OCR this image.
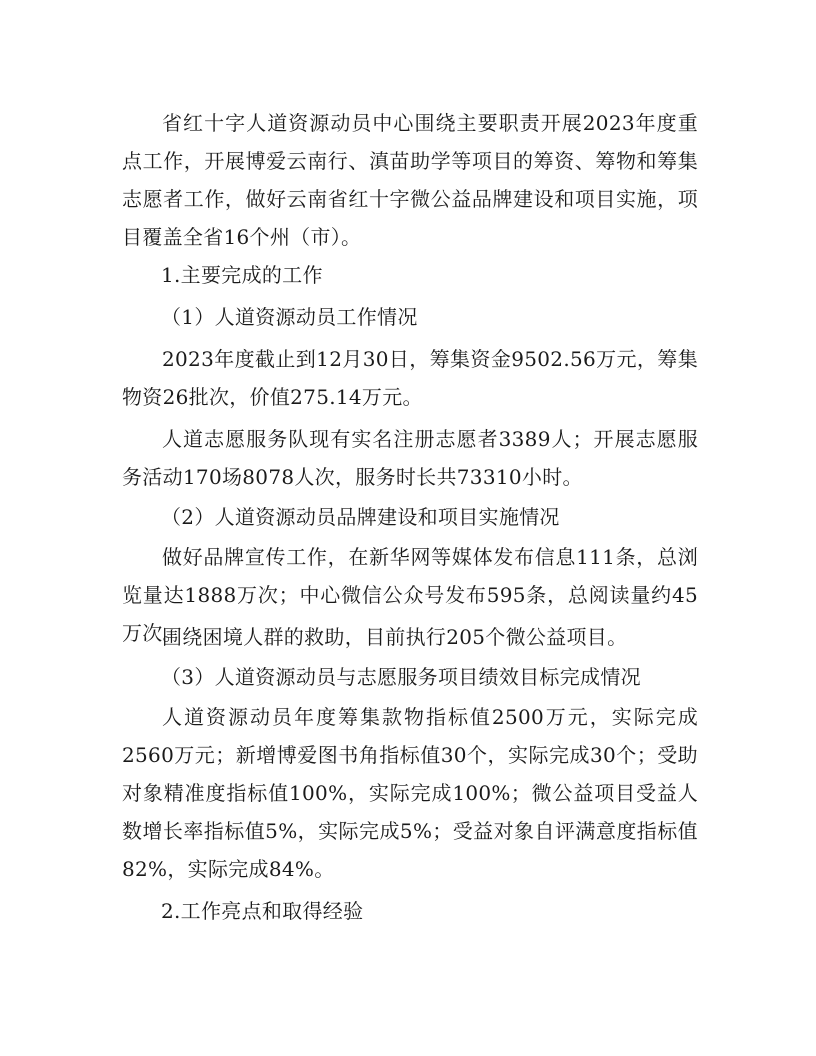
省红十字人道资源动员中心围绕主要职责开展2023年度重点工作，开展博爱云南行、滇苗助学等项目的筹资、筹物和筹集志愿者工作，做好云南省红十字微公益品牌建设和项目实施，项目覆盖全省16个州（市）。

1.主要完成的工作

（1）人道资源动员工作情况

2023年度截止到12月30日，筹集资金9502.56万元，筹集物资26批次，价值275.14万元。

人道志愿服务队现有实名注册志愿者3389人；开展志愿服务活动170场8078人次，服务时长共73310小时。

（2）人道资源动员品牌建设和项目实施情况

做好品牌宣传工作，在新华网等媒体发布信息111条，总浏览量达1888万次；中心微信公众号发布595条，总阅读量约45万次。

围绕困境人群的救助，目前执行205个微公益项目。

（3）人道资源动员与志愿服务项目绩效目标完成情况

人道资源动员年度筹集款物指标值2500万元，实际完成2560万元；新增博爱图书角指标值30个，实际完成30个；受助对象精准度指标值100%，实际完成100%；微公益项目受益人数增长率指标值5%，实际完成5%；受益对象自评满意度指标值82%，实际完成84%。

2.工作亮点和取得经验
